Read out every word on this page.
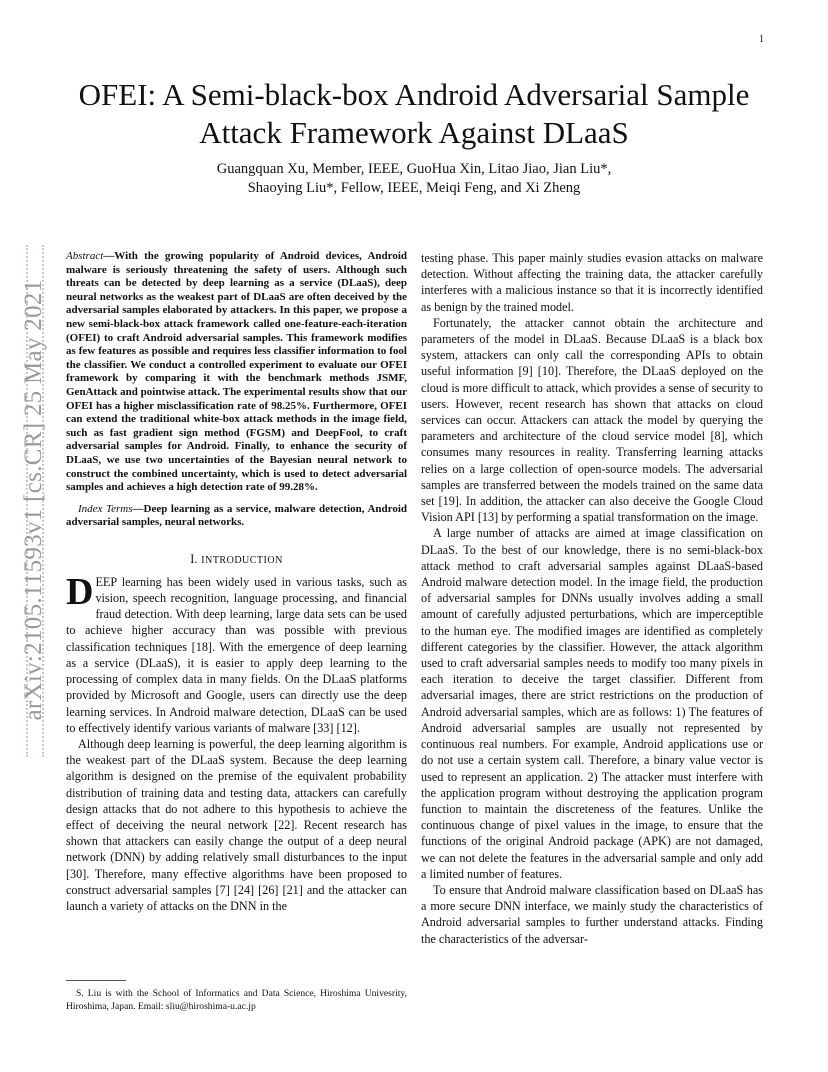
1
arXiv:2105.11593v1 [cs.CR] 25 May 2021
OFEI: A Semi-black-box Android Adversarial Sample Attack Framework Against DLaaS
Guangquan Xu, Member, IEEE, GuoHua Xin, Litao Jiao, Jian Liu*,
Shaoying Liu*, Fellow, IEEE, Meiqi Feng, and Xi Zheng

Abstract—With the growing popularity of Android devices, Android malware is seriously threatening the safety of users. Although such threats can be detected by deep learning as a service (DLaaS), deep neural networks as the weakest part of DLaaS are often deceived by the adversarial samples elaborated by attackers. In this paper, we propose a new semi-black-box attack framework called one-feature-each-iteration (OFEI) to craft Android adversarial samples. This framework modifies as few features as possible and requires less classifier information to fool the classifier. We conduct a controlled experiment to evaluate our OFEI framework by comparing it with the benchmark methods JSMF, GenAttack and pointwise attack. The experimental results show that our OFEI has a higher misclassification rate of 98.25%. Furthermore, OFEI can extend the traditional white-box attack methods in the image field, such as fast gradient sign method (FGSM) and DeepFool, to craft adversarial samples for Android. Finally, to enhance the security of DLaaS, we use two uncertainties of the Bayesian neural network to construct the combined uncertainty, which is used to detect adversarial samples and achieves a high detection rate of 99.28%.

Index Terms—Deep learning as a service, malware detection, Android adversarial samples, neural networks.

I. INTRODUCTION

DEEP learning has been widely used in various tasks, such as vision, speech recognition, language processing, and financial fraud detection. With deep learning, large data sets can be used to achieve higher accuracy than was possible with previous classification techniques [18]. With the emergence of deep learning as a service (DLaaS), it is easier to apply deep learning to the processing of complex data in many fields. On the DLaaS platforms provided by Microsoft and Google, users can directly use the deep learning services. In Android malware detection, DLaaS can be used to effectively identify various variants of malware [33] [12].

Although deep learning is powerful, the deep learning algorithm is the weakest part of the DLaaS system. Because the deep learning algorithm is designed on the premise of the equivalent probability distribution of training data and testing data, attackers can carefully design attacks that do not adhere to this hypothesis to achieve the effect of deceiving the neural network [22]. Recent research has shown that attackers can easily change the output of a deep neural network (DNN) by adding relatively small disturbances to the input [30]. Therefore, many effective algorithms have been proposed to construct adversarial samples [7] [24] [26] [21] and the attacker can launch a variety of attacks on the DNN in the

testing phase. This paper mainly studies evasion attacks on malware detection. Without affecting the training data, the attacker carefully interferes with a malicious instance so that it is incorrectly identified as benign by the trained model.

Fortunately, the attacker cannot obtain the architecture and parameters of the model in DLaaS. Because DLaaS is a black box system, attackers can only call the corresponding APIs to obtain useful information [9] [10]. Therefore, the DLaaS deployed on the cloud is more difficult to attack, which provides a sense of security to users. However, recent research has shown that attacks on cloud services can occur. Attackers can attack the model by querying the parameters and architecture of the cloud service model [8], which consumes many resources in reality. Transferring learning attacks relies on a large collection of open-source models. The adversarial samples are transferred between the models trained on the same data set [19]. In addition, the attacker can also deceive the Google Cloud Vision API [13] by performing a spatial transformation on the image.

A large number of attacks are aimed at image classification on DLaaS. To the best of our knowledge, there is no semi-black-box attack method to craft adversarial samples against DLaaS-based Android malware detection model. In the image field, the production of adversarial samples for DNNs usually involves adding a small amount of carefully adjusted perturbations, which are imperceptible to the human eye. The modified images are identified as completely different categories by the classifier. However, the attack algorithm used to craft adversarial samples needs to modify too many pixels in each iteration to deceive the target classifier. Different from adversarial images, there are strict restrictions on the production of Android adversarial samples, which are as follows: 1) The features of Android adversarial samples are usually not represented by continuous real numbers. For example, Android applications use or do not use a certain system call. Therefore, a binary value vector is used to represent an application. 2) The attacker must interfere with the application program without destroying the application program function to maintain the discreteness of the features. Unlike the continuous change of pixel values in the image, to ensure that the functions of the original Android package (APK) are not damaged, we can not delete the features in the adversarial sample and only add a limited number of features.

To ensure that Android malware classification based on DLaaS has a more secure DNN interface, we mainly study the characteristics of Android adversarial samples to further understand attacks. Finding the characteristics of the adversar-

S. Liu is with the School of Informatics and Data Science, Hiroshima Univesrity, Hiroshima, Japan. Email: sliu@hiroshima-u.ac.jp
